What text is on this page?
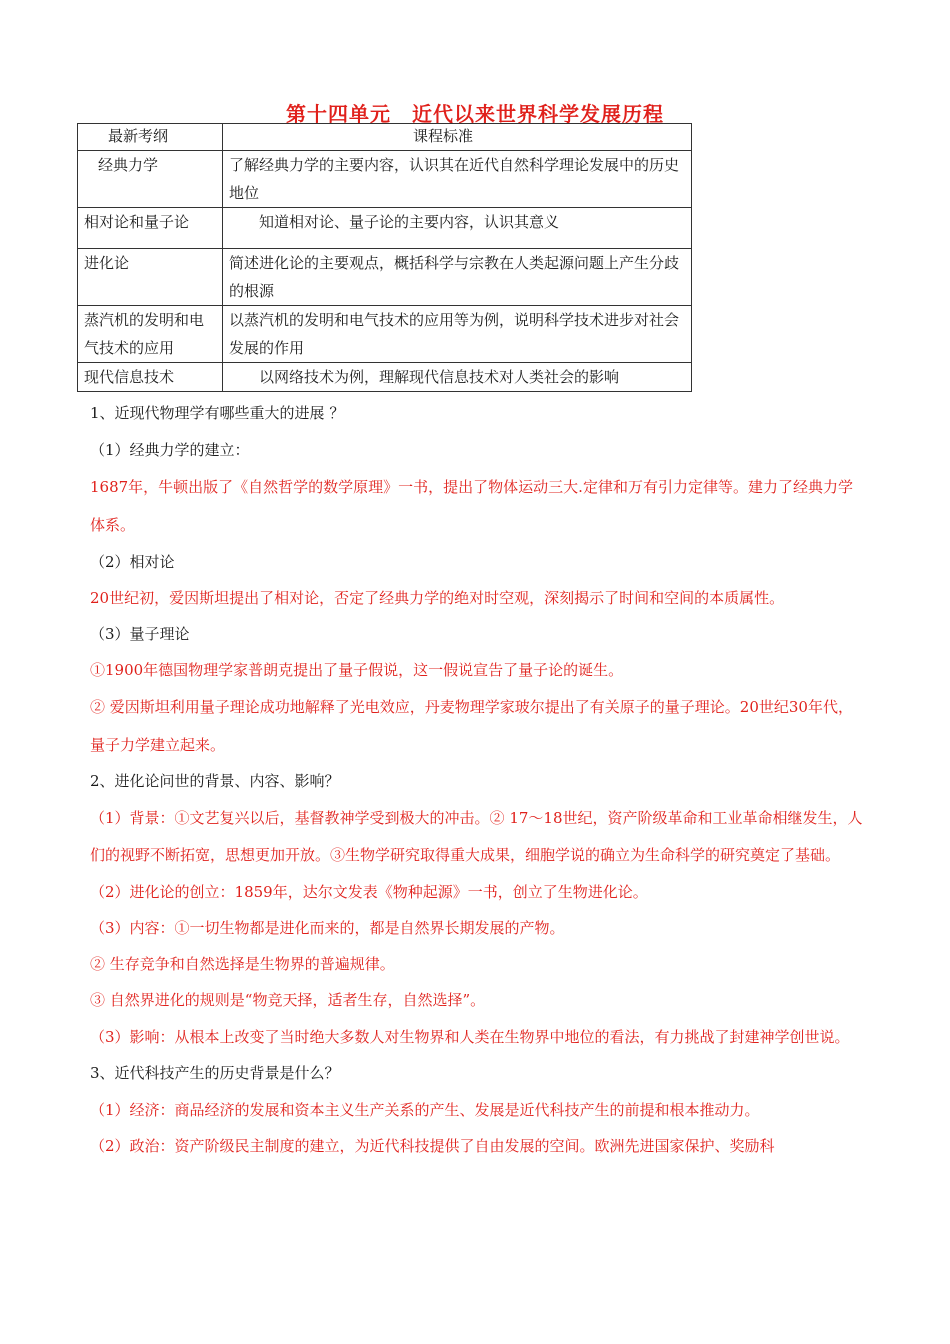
第十四单元　近代以来世界科学发展历程
最新考纲	课程标准
经典力学	了解经典力学的主要内容，认识其在近代自然科学理论发展中的历史地位
相对论和量子论	知道相对论、量子论的主要内容，认识其意义
进化论	简述进化论的主要观点，概括科学与宗教在人类起源问题上产生分歧的根源
蒸汽机的发明和电气技术的应用	以蒸汽机的发明和电气技术的应用等为例，说明科学技术进步对社会发展的作用
现代信息技术	以网络技术为例，理解现代信息技术对人类社会的影响

1、近现代物理学有哪些重大的进展 ？

（1）经典力学的建立：

1687年，牛顿出版了《自然哲学的数学原理》一书，提出了物体运动三大.定律和万有引力定律等。建力了经典力学体系。

（2）相对论

20世纪初，爱因斯坦提出了相对论，否定了经典力学的绝对时空观，深刻揭示了时间和空间的本质属性。

（3）量子理论

①1900年德国物理学家普朗克提出了量子假说，这一假说宣告了量子论的诞生。

② 爱因斯坦利用量子理论成功地解释了光电效应，丹麦物理学家玻尔提出了有关原子的量子理论。20世纪30年代，量子力学建立起来。

2、进化论问世的背景、内容、影响？

（1）背景：①文艺复兴以后，基督教神学受到极大的冲击。② 17～18世纪，资产阶级革命和工业革命相继发生，人们的视野不断拓宽，思想更加开放。③生物学研究取得重大成果，细胞学说的确立为生命科学的研究奠定了基础。

（2）进化论的创立：1859年，达尔文发表《物种起源》一书，创立了生物进化论。

（3）内容：①一切生物都是进化而来的，都是自然界长期发展的产物。

② 生存竞争和自然选择是生物界的普遍规律。

③ 自然界进化的规则是“物竞天择，适者生存，自然选择”。

（3）影响：从根本上改变了当时绝大多数人对生物界和人类在生物界中地位的看法，有力挑战了封建神学创世说。

3、近代科技产生的历史背景是什么？

（1）经济：商品经济的发展和资本主义生产关系的产生、发展是近代科技产生的前提和根本推动力。

（2）政治：资产阶级民主制度的建立，为近代科技提供了自由发展的空间。欧洲先进国家保护、奖励科
